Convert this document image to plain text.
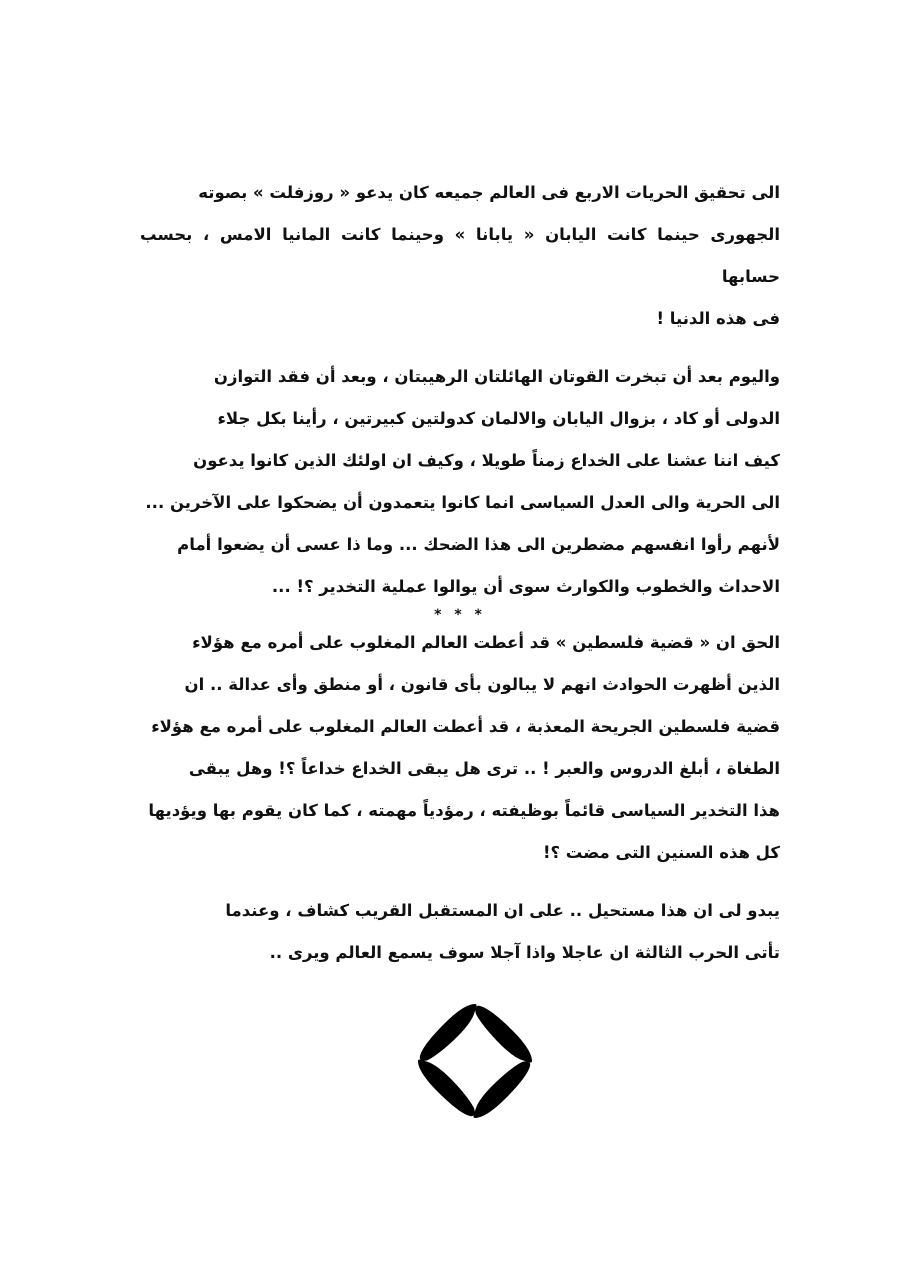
الى تحقيق الحريات الاربع فى العالم جميعه كان يدعو « روزفلت » بصوته
الجهورى حينما كانت اليابان « يابانا » وحينما كانت المانيا الامس ، بحسب حسابها
فى هذه الدنيا !
واليوم بعد أن تبخرت القوتان الهائلتان الرهيبتان ، وبعد أن فقد التوازن
الدولى أو كاد ، بزوال اليابان والالمان كدولتين كبيرتين ، رأينا بكل جلاء
كيف اننا عشنا على الخداع زمناً طويلا ، وكيف ان اولئك الذين كانوا يدعون
الى الحرية والى العدل السياسى انما كانوا يتعمدون أن يضحكوا على الآخرين ...
لأنهم رأوا انفسهم مضطرين الى هذا الضحك ... وما ذا عسى أن يضعوا أمام
الاحداث والخطوب والكوارث سوى أن يوالوا عملية التخدير ؟! ...
* * *
الحق ان « قضية فلسطين » قد أعطت العالم المغلوب على أمره مع هؤلاء
الذين أظهرت الحوادث انهم لا يبالون بأى قانون ، أو منطق وأى عدالة .. ان
قضية فلسطين الجريحة المعذبة ، قد أعطت العالم المغلوب على أمره مع هؤلاء
الطغاة ، أبلغ الدروس والعبر ! .. ترى هل يبقى الخداع خداعاً ؟! وهل يبقى
هذا التخدير السياسى قائماً بوظيفته ، رمؤدياً مهمته ، كما كان يقوم بها ويؤديها
كل هذه السنين التى مضت ؟!
يبدو لى ان هذا مستحيل .. على ان المستقبل القريب كشاف ، وعندما
تأتى الحرب الثالثة ان عاجلا واذا آجلا سوف يسمع العالم ويرى ..
